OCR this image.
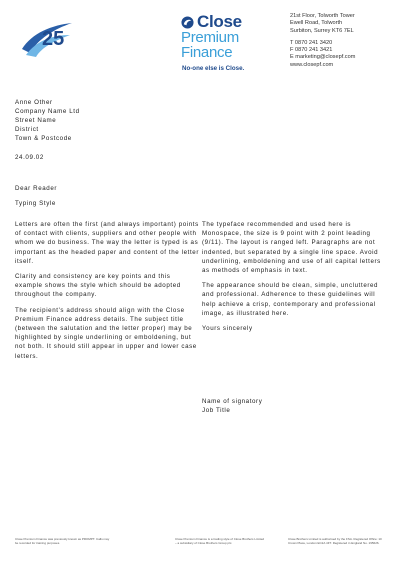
25
Close
Premium
Finance
No-one else is Close.
21st Floor, Tolworth Tower
Ewell Road, Tolworth
Surbiton, Surrey KT6 7EL
T 0870 241 3420
F 0870 241 3421
E marketing@closepf.com
www.closepf.com
Anne Other
Company Name Ltd
Street Name
District
Town & Postcode
24.09.02
Dear Reader
Typing Style

Letters are often the first (and always important) points of contact with clients, suppliers and other people with whom we do business. The way the letter is typed is as important as the headed paper and content of the letter itself.

Clarity and consistency are key points and this example shows the style which should be adopted throughout the company.

The recipient's address should align with the Close Premium Finance address details. The subject title (between the salutation and the letter proper) may be highlighted by single underlining or emboldening, but not both. It should still appear in upper and lower case letters.

The typeface recommended and used here is Monospace, the size is 9 point with 2 point leading (9/11). The layout is ranged left. Paragraphs are not indented, but separated by a single line space. Avoid underlining, emboldening and use of all capital letters as methods of emphasis in text.

The appearance should be clean, simple, uncluttered and professional. Adherence to these guidelines will help achieve a crisp, contemporary and professional image, as illustrated here.

Yours sincerely

Name of signatory
Job Title
Close Premium Finance was previously known as PROMPT. Calls may be recorded for training purposes.
Close Premium Finance is a trading style of Close Brothers Limited – a subsidiary of Close Brothers Group plc.
Close Brothers Limited is authorised by the FSA. Registered Office: 10 Crown Place, London EC2A 4FT. Registered in England No. 195626.
